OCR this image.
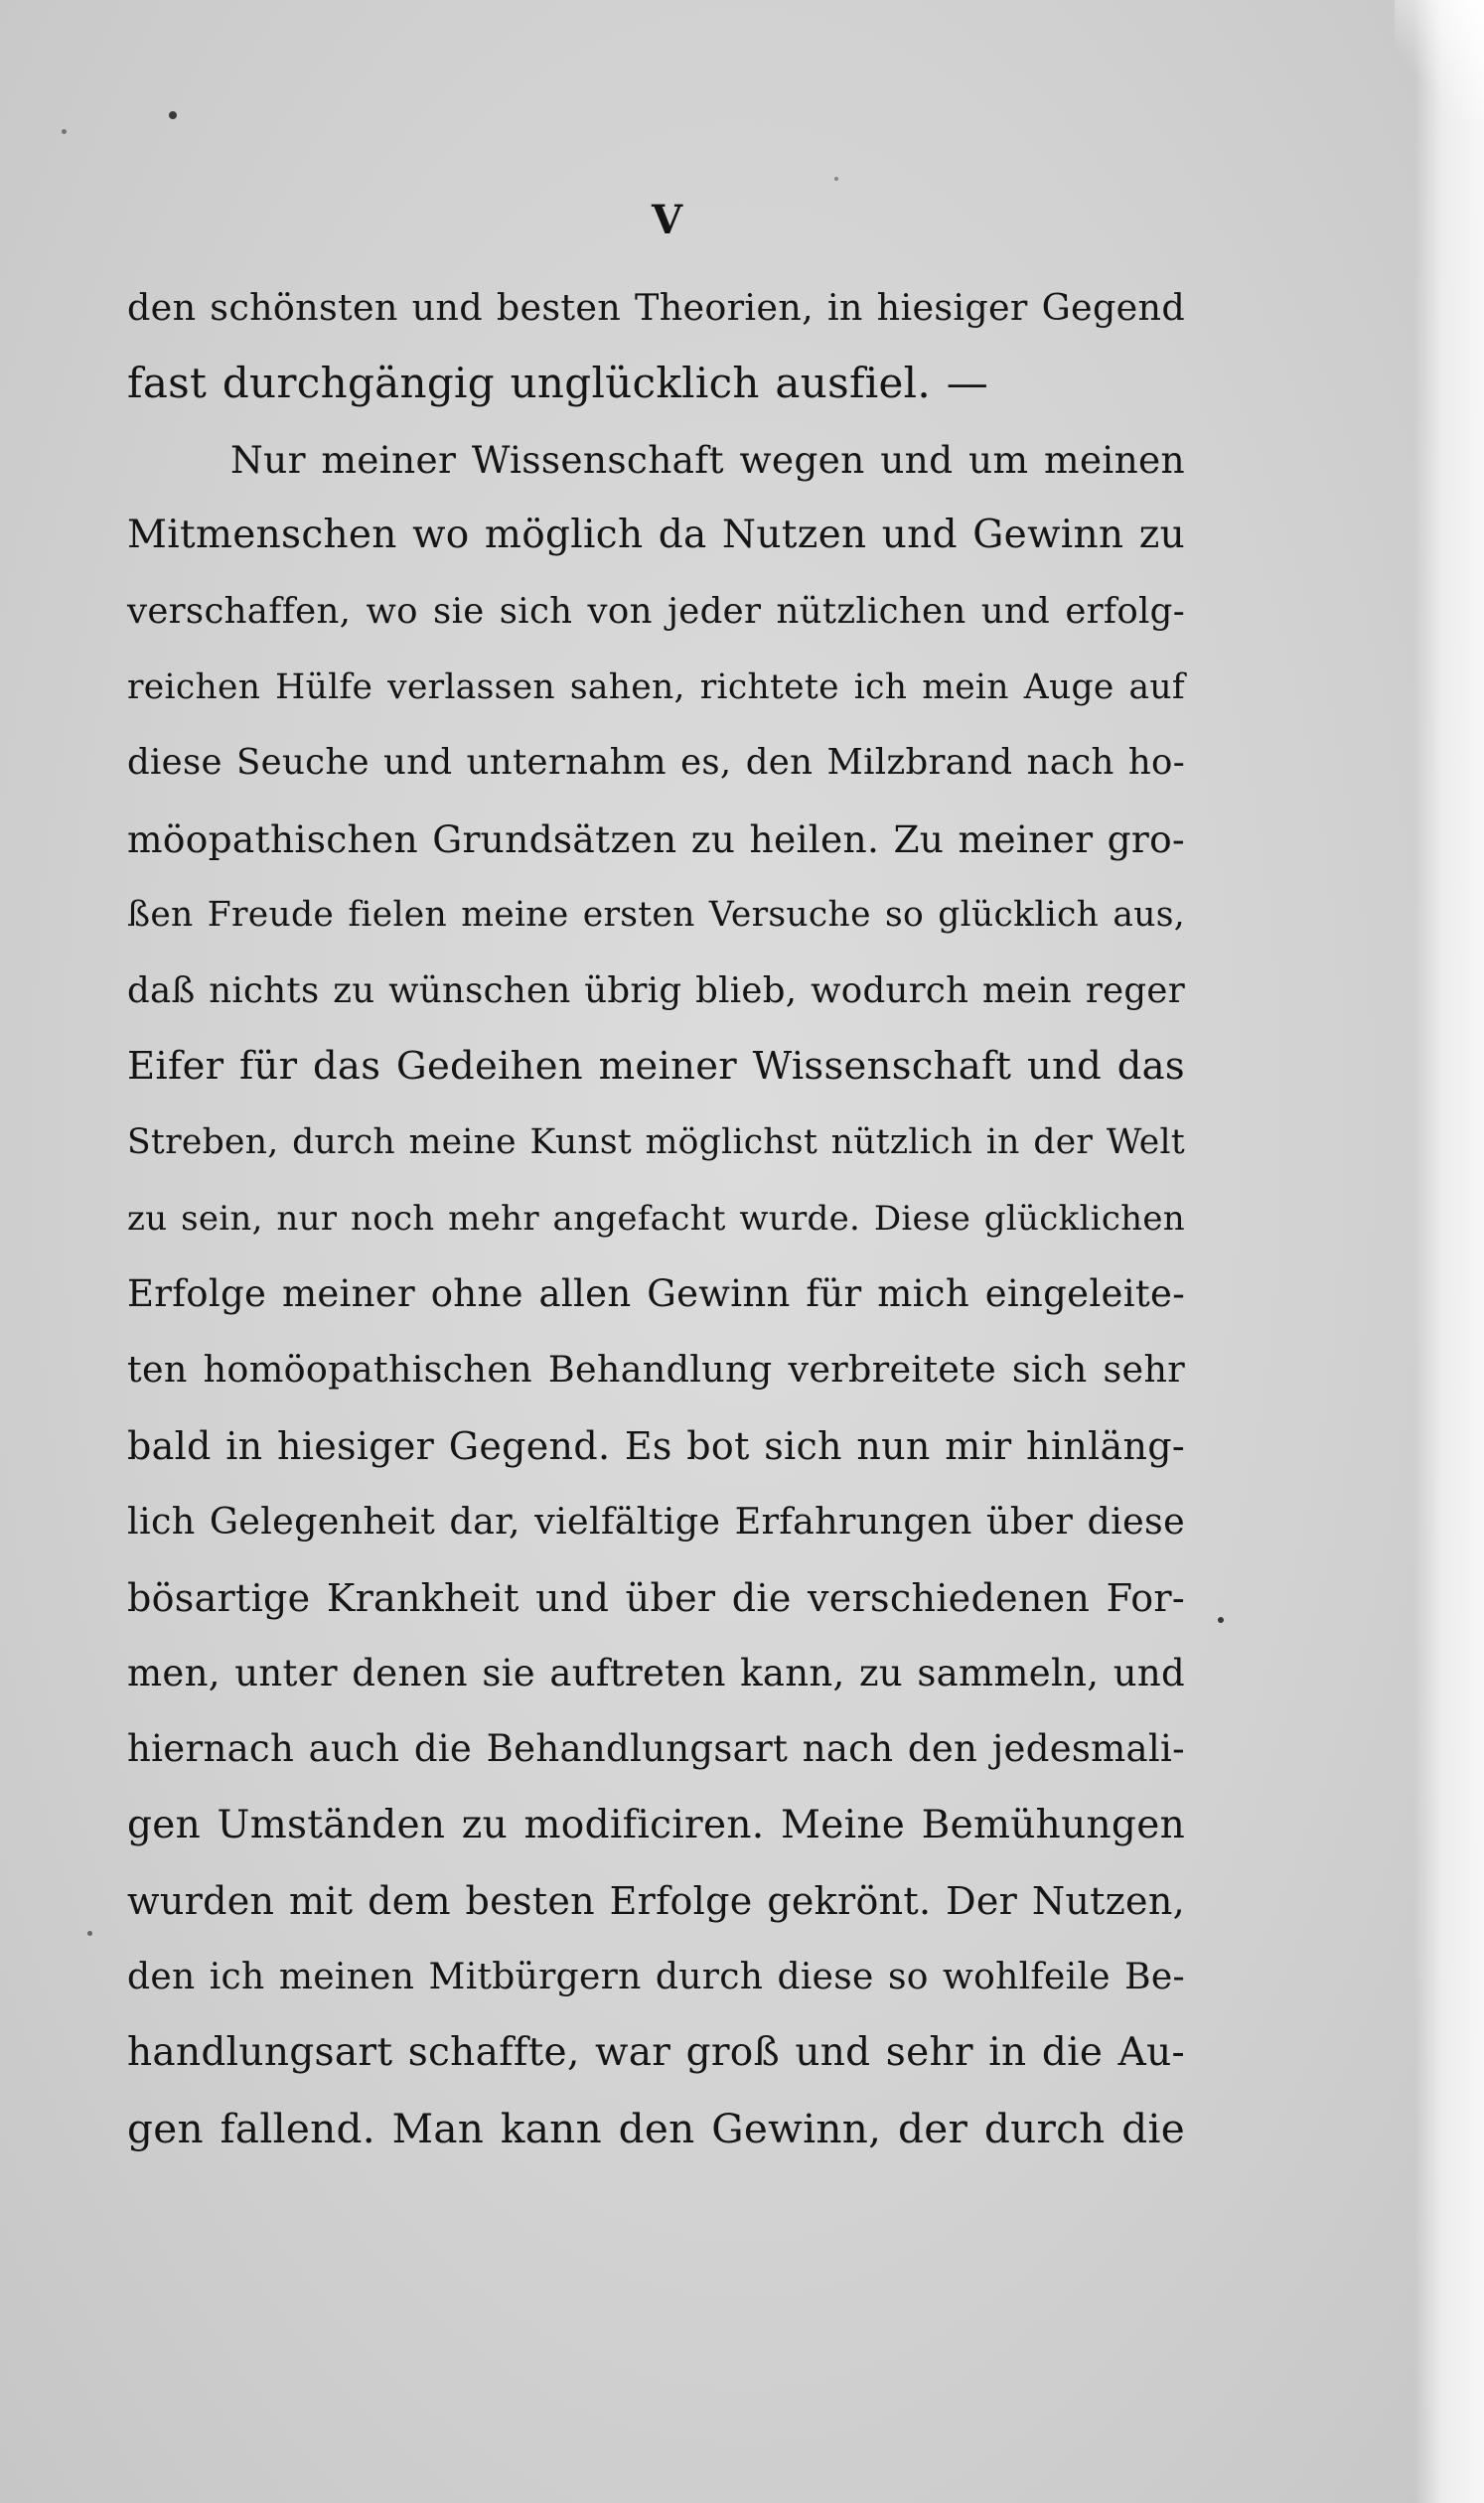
V
den schönsten und besten Theorien, in hiesiger Gegend
fast durchgängig unglücklich ausfiel. —
Nur meiner Wissenschaft wegen und um meinen
Mitmenschen wo möglich da Nutzen und Gewinn zu
verschaffen, wo sie sich von jeder nützlichen und erfolg-
reichen Hülfe verlassen sahen, richtete ich mein Auge auf
diese Seuche und unternahm es, den Milzbrand nach ho-
möopathischen Grundsätzen zu heilen. Zu meiner gro-
ßen Freude fielen meine ersten Versuche so glücklich aus,
daß nichts zu wünschen übrig blieb, wodurch mein reger
Eifer für das Gedeihen meiner Wissenschaft und das
Streben, durch meine Kunst möglichst nützlich in der Welt
zu sein, nur noch mehr angefacht wurde. Diese glücklichen
Erfolge meiner ohne allen Gewinn für mich eingeleite-
ten homöopathischen Behandlung verbreitete sich sehr
bald in hiesiger Gegend. Es bot sich nun mir hinläng-
lich Gelegenheit dar, vielfältige Erfahrungen über diese
bösartige Krankheit und über die verschiedenen For-
men, unter denen sie auftreten kann, zu sammeln, und
hiernach auch die Behandlungsart nach den jedesmali-
gen Umständen zu modificiren. Meine Bemühungen
wurden mit dem besten Erfolge gekrönt. Der Nutzen,
den ich meinen Mitbürgern durch diese so wohlfeile Be-
handlungsart schaffte, war groß und sehr in die Au-
gen fallend. Man kann den Gewinn, der durch die
